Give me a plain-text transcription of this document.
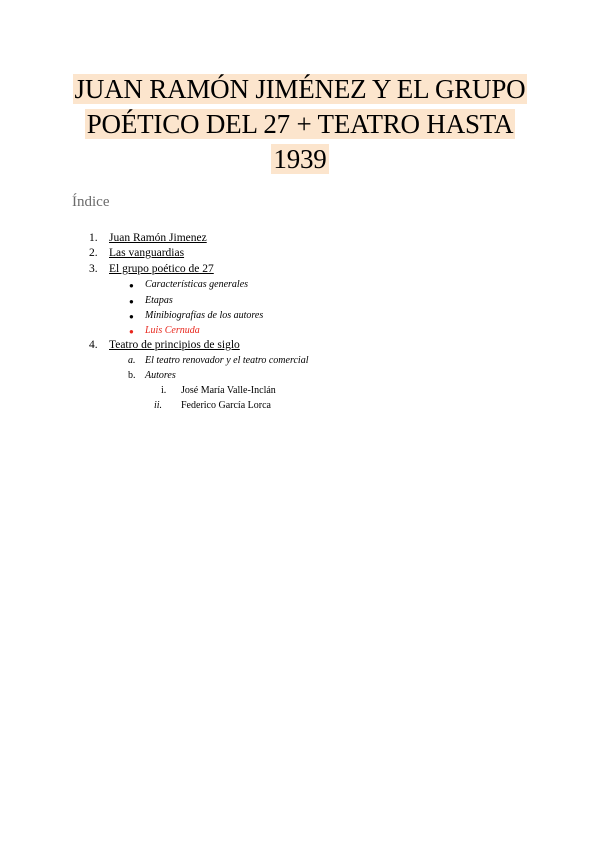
JUAN RAMÓN JIMÉNEZ Y EL GRUPO
POÉTICO DEL 27 + TEATRO HASTA
1939
Índice
1. Juan Ramón Jimenez
2. Las vanguardias
3. El grupo poético de 27
● Características generales
● Etapas
● Minibiografías de los autores
● Luis Cernuda
4. Teatro de principios de siglo
a. El teatro renovador y el teatro comercial
b. Autores
i. José María Valle-Inclán
ii. Federico García Lorca
